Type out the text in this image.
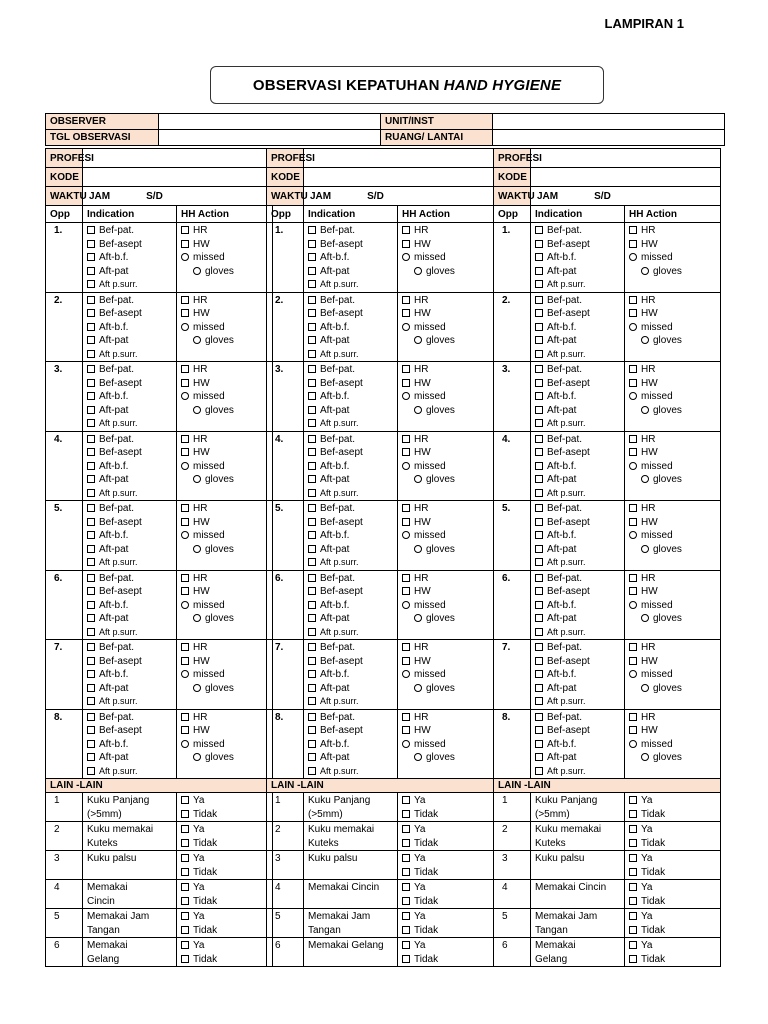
LAMPIRAN 1
OBSERVASI KEPATUHAN HAND HYGIENE
OBSERVER		UNIT/INST	
TGL OBSERVASI		RUANG/ LANTAI	
PROFESI		
KODE		
WAKTU	JAM S/D	
Opp	Indication	HH Action
1.	Bef-pat.
Bef-asept
Aft-b.f.
Aft-pat
Aft p.surr.	HR
HW
missed
gloves

2.	Bef-pat.
Bef-asept
Aft-b.f.
Aft-pat
Aft p.surr.	HR
HW
missed
gloves

3.	Bef-pat.
Bef-asept
Aft-b.f.
Aft-pat
Aft p.surr.	HR
HW
missed
gloves

4.	Bef-pat.
Bef-asept
Aft-b.f.
Aft-pat
Aft p.surr.	HR
HW
missed
gloves

5.	Bef-pat.
Bef-asept
Aft-b.f.
Aft-pat
Aft p.surr.	HR
HW
missed
gloves

6.	Bef-pat.
Bef-asept
Aft-b.f.
Aft-pat
Aft p.surr.	HR
HW
missed
gloves

7.	Bef-pat.
Bef-asept
Aft-b.f.
Aft-pat
Aft p.surr.	HR
HW
missed
gloves

8.	Bef-pat.
Bef-asept
Aft-b.f.
Aft-pat
Aft p.surr.	HR
HW
missed
gloves

LAIN -LAIN		
1	Kuku Panjang
(>5mm)	Ya
Tidak

2	Kuku memakai
Kuteks	Ya
Tidak

3	Kuku palsu	Ya
Tidak

4	Memakai
Cincin	Ya
Tidak

5	Memakai Jam
Tangan	Ya
Tidak

6	Memakai
Gelang	Ya
Tidak
PROFESI		
KODE		
WAKTU	JAM S/D	
Opp	Indication	HH Action
1.	Bef-pat.
Bef-asept
Aft-b.f.
Aft-pat
Aft p.surr.	HR
HW
missed
gloves

2.	Bef-pat.
Bef-asept
Aft-b.f.
Aft-pat
Aft p.surr.	HR
HW
missed
gloves

3.	Bef-pat.
Bef-asept
Aft-b.f.
Aft-pat
Aft p.surr.	HR
HW
missed
gloves

4.	Bef-pat.
Bef-asept
Aft-b.f.
Aft-pat
Aft p.surr.	HR
HW
missed
gloves

5.	Bef-pat.
Bef-asept
Aft-b.f.
Aft-pat
Aft p.surr.	HR
HW
missed
gloves

6.	Bef-pat.
Bef-asept
Aft-b.f.
Aft-pat
Aft p.surr.	HR
HW
missed
gloves

7.	Bef-pat.
Bef-asept
Aft-b.f.
Aft-pat
Aft p.surr.	HR
HW
missed
gloves

8.	Bef-pat.
Bef-asept
Aft-b.f.
Aft-pat
Aft p.surr.	HR
HW
missed
gloves

LAIN -LAIN		
1	Kuku Panjang
(>5mm)	Ya
Tidak

2	Kuku memakai
Kuteks	Ya
Tidak

3	Kuku palsu	Ya
Tidak

4	Memakai Cincin	Ya
Tidak

5	Memakai Jam
Tangan	Ya
Tidak

6	Memakai Gelang	Ya
Tidak
PROFESI		
KODE		
WAKTU	JAM S/D	
Opp	Indication	HH Action
1.	Bef-pat.
Bef-asept
Aft-b.f.
Aft-pat
Aft p.surr.	HR
HW
missed
gloves

2.	Bef-pat.
Bef-asept
Aft-b.f.
Aft-pat
Aft p.surr.	HR
HW
missed
gloves

3.	Bef-pat.
Bef-asept
Aft-b.f.
Aft-pat
Aft p.surr.	HR
HW
missed
gloves

4.	Bef-pat.
Bef-asept
Aft-b.f.
Aft-pat
Aft p.surr.	HR
HW
missed
gloves

5.	Bef-pat.
Bef-asept
Aft-b.f.
Aft-pat
Aft p.surr.	HR
HW
missed
gloves

6.	Bef-pat.
Bef-asept
Aft-b.f.
Aft-pat
Aft p.surr.	HR
HW
missed
gloves

7.	Bef-pat.
Bef-asept
Aft-b.f.
Aft-pat
Aft p.surr.	HR
HW
missed
gloves

8.	Bef-pat.
Bef-asept
Aft-b.f.
Aft-pat
Aft p.surr.	HR
HW
missed
gloves

LAIN -LAIN		
1	Kuku Panjang
(>5mm)	Ya
Tidak

2	Kuku memakai
Kuteks	Ya
Tidak

3	Kuku palsu	Ya
Tidak

4	Memakai Cincin	Ya
Tidak

5	Memakai Jam
Tangan	Ya
Tidak

6	Memakai
Gelang	Ya
Tidak
